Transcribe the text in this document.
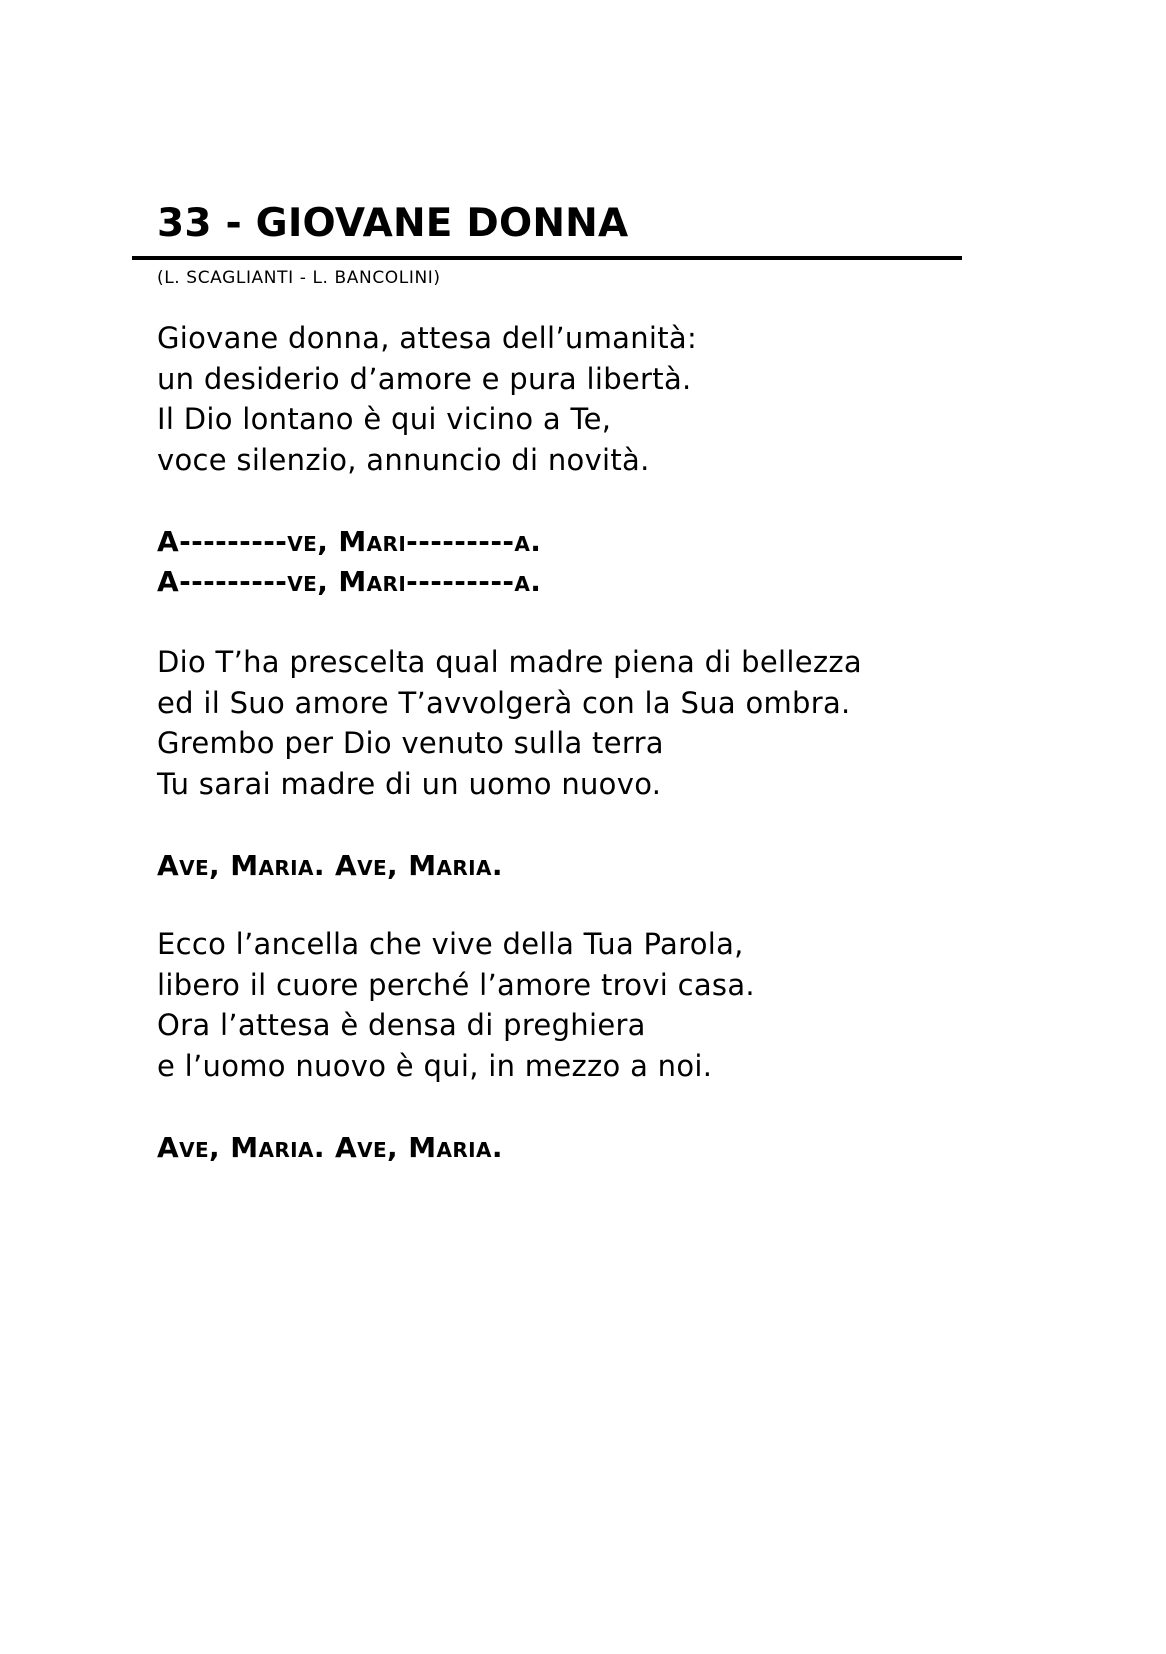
33 - GIOVANE DONNA
(L. SCAGLIANTI - L. BANCOLINI)
Giovane donna, attesa dell’umanità:
un desiderio d’amore e pura libertà.
Il Dio lontano è qui vicino a Te,
voce silenzio, annuncio di novità.
A---------ve, Mari---------a.
A---------ve, Mari---------a.
Dio T’ha prescelta qual madre piena di bellezza
ed il Suo amore T’avvolgerà con la Sua ombra.
Grembo per Dio venuto sulla terra
Tu sarai madre di un uomo nuovo.
Ave, Maria. Ave, Maria.
Ecco l’ancella che vive della Tua Parola,
libero il cuore perché l’amore trovi casa.
Ora l’attesa è densa di preghiera
e l’uomo nuovo è qui, in mezzo a noi.
Ave, Maria. Ave, Maria.
